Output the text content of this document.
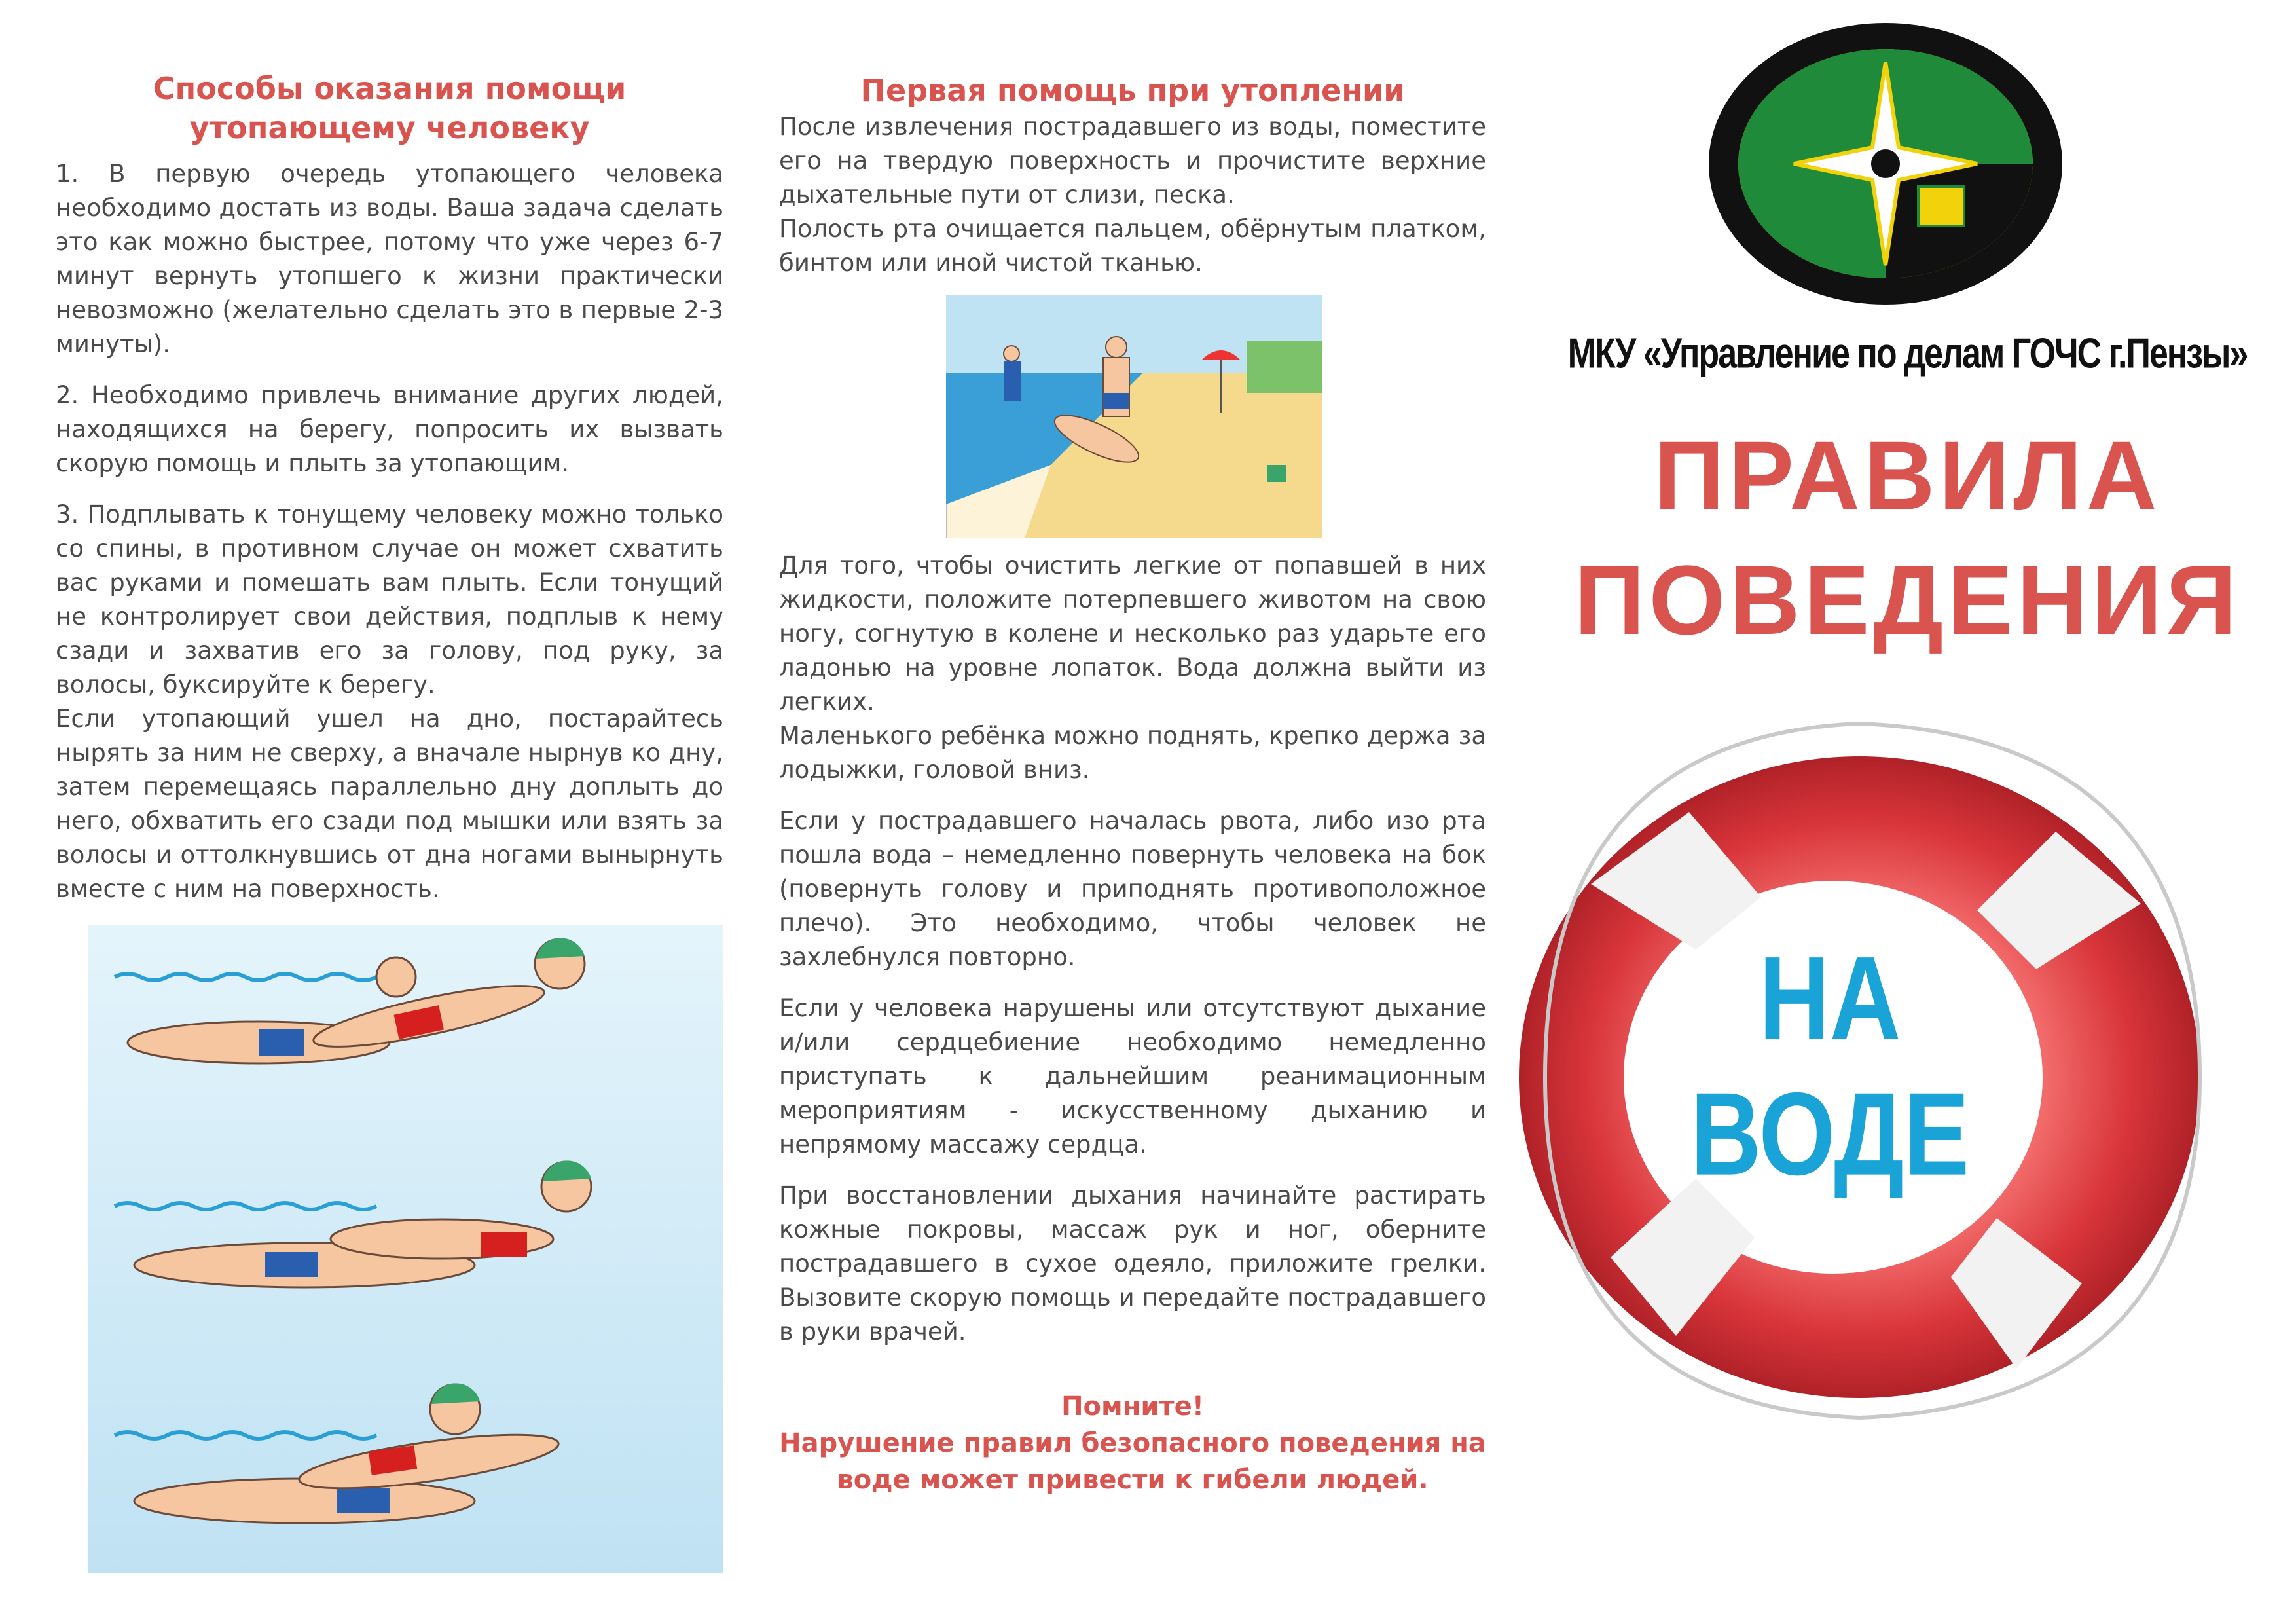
Способы оказания помощи утопающему человеку

1. В первую очередь утопающего человека необходимо достать из воды. Ваша задача сделать это как можно быстрее, потому что уже через 6-7 минут вернуть утопшего к жизни практически невозможно (желательно сделать это в первые 2-3 минуты).

2. Необходимо привлечь внимание других людей, находящихся на берегу, попросить их вызвать скорую помощь и плыть за утопающим.

3. Подплывать к тонущему человеку можно только со спины, в противном случае он может схватить вас руками и помешать вам плыть. Если тонущий не контролирует свои действия, подплыв к нему сзади и захватив его за голову, под руку, за волосы, буксируйте к берегу.

Если утопающий ушел на дно, постарайтесь нырять за ним не сверху, а вначале нырнув ко дну, затем перемещаясь параллельно дну доплыть до него, обхватить его сзади под мышки или взять за волосы и оттолкнувшись от дна ногами вынырнуть вместе с ним на поверхность.

Первая помощь при утоплении

После извлечения пострадавшего из воды, поместите его на твердую поверхность и прочистите верхние дыхательные пути от слизи, песка.

Полость рта очищается пальцем, обёрнутым платком, бинтом или иной чистой тканью.

Для того, чтобы очистить легкие от попавшей в них жидкости, положите потерпевшего животом на свою ногу, согнутую в колене и несколько раз ударьте его ладонью на уровне лопаток. Вода должна выйти из легких.

Маленького ребёнка можно поднять, крепко держа за лодыжки, головой вниз.

Если у пострадавшего началась рвота, либо изо рта пошла вода – немедленно повернуть человека на бок (повернуть голову и приподнять противоположное плечо). Это необходимо, чтобы человек не захлебнулся повторно.

Если у человека нарушены или отсутствуют дыхание и/или сердцебиение необходимо немедленно приступать к дальнейшим реанимационным мероприятиям - искусственному дыханию и непрямому массажу сердца.

При восстановлении дыхания начинайте растирать кожные покровы, массаж рук и ног, оберните пострадавшего в сухое одеяло, приложите грелки. Вызовите скорую помощь и передайте пострадавшего в руки врачей.

Помните!

Нарушение правил безопасного поведения на воде может привести к гибели людей.

МКУ «Управление по делам ГОЧС г.Пензы»
ПРАВИЛА
ПОВЕДЕНИЯ
НА ВОДЕ
